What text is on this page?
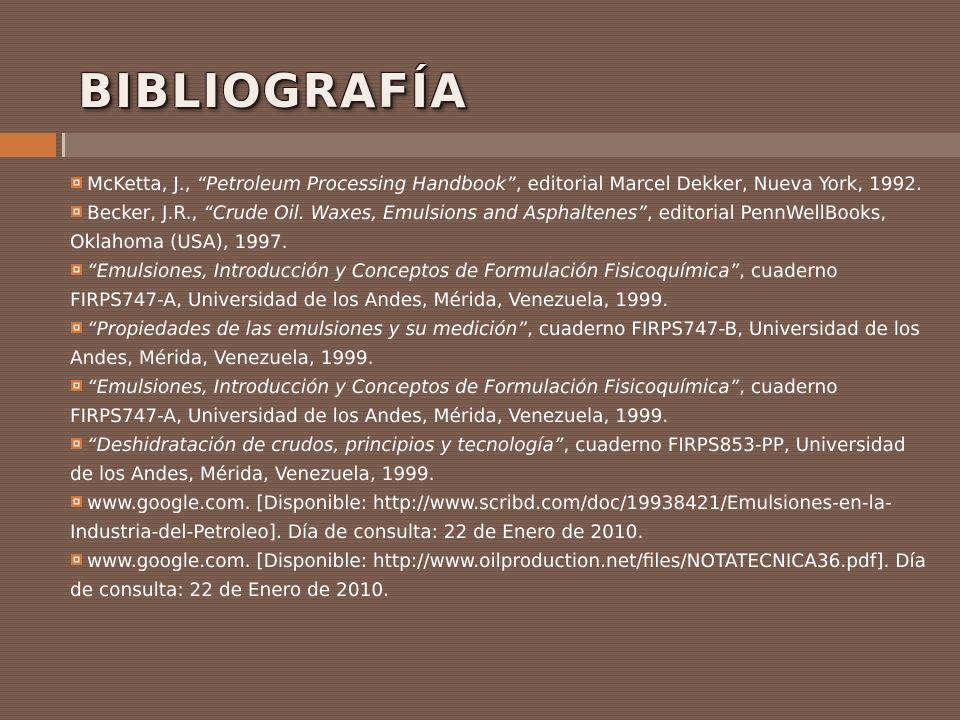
BIBLIOGRAFÍA
McKetta, J., “Petroleum Processing Handbook”, editorial Marcel Dekker, Nueva York, 1992.
Becker, J.R., “Crude Oil. Waxes, Emulsions and Asphaltenes”, editorial PennWellBooks, Oklahoma (USA), 1997.
“Emulsiones, Introducción y Conceptos de Formulación Fisicoquímica”, cuaderno FIRPS747-A, Universidad de los Andes, Mérida, Venezuela, 1999.
“Propiedades de las emulsiones y su medición”, cuaderno FIRPS747-B, Universidad de los Andes, Mérida, Venezuela, 1999.
“Emulsiones, Introducción y Conceptos de Formulación Fisicoquímica”, cuaderno FIRPS747-A, Universidad de los Andes, Mérida, Venezuela, 1999.
“Deshidratación de crudos, principios y tecnología”, cuaderno FIRPS853-PP, Universidad de los Andes, Mérida, Venezuela, 1999.
www.google.com. [Disponible: http://www.scribd.com/doc/19938421/Emulsiones-en-la-Industria-del-Petroleo]. Día de consulta: 22 de Enero de 2010.
www.google.com. [Disponible: http://www.oilproduction.net/files/NOTATECNICA36.pdf]. Día de consulta: 22 de Enero de 2010.
